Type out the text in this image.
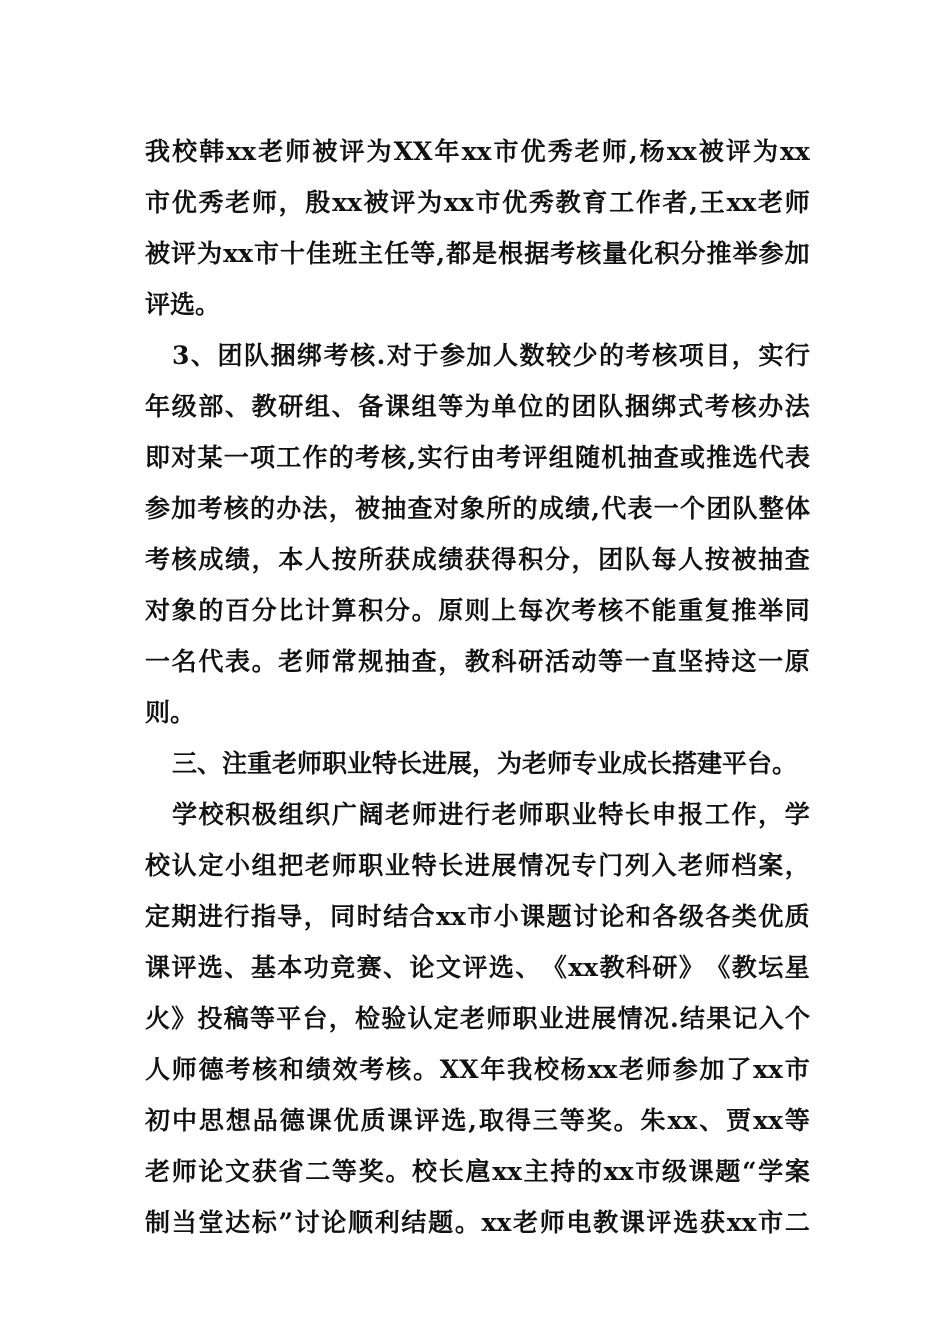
我 校 韩 xx 老 师 被 评 为 XX 年 xx 市 优 秀 老 师 , 杨 xx 被 评 为 xx
市 优 秀 老 师 ， 殷 xx 被 评 为 xx 市 优 秀 教 育 工 作 者 , 王 xx 老 师
被 评 为 xx 市 十 佳 班 主 任 等 , 都 是 根 据 考 核 量 化 积 分 推 举 参 加
评选。
3 、 团 队 捆 绑 考 核 . 对 于 参 加 人 数 较 少 的 考 核 项 目 ， 实 行
年 级 部 、 教 研 组 、 备 课 组 等 为 单 位 的 团 队 捆 绑 式 考 核 办 法
即 对 某 一 项 工 作 的 考 核 , 实 行 由 考 评 组 随 机 抽 查 或 推 选 代 表
参 加 考 核 的 办 法 ， 被 抽 查 对 象 所 的 成 绩 , 代 表 一 个 团 队 整 体
考 核 成 绩 ， 本 人 按 所 获 成 绩 获 得 积 分 ， 团 队 每 人 按 被 抽 查
对 象 的 百 分 比 计 算 积 分 。 原 则 上 每 次 考 核 不 能 重 复 推 举 同
一 名 代 表 。 老 师 常 规 抽 查 ， 教 科 研 活 动 等 一 直 坚 持 这 一 原
则。
三、注重老师职业特长进展，为老师专业成长搭建平台。
学 校 积 极 组 织 广 阔 老 师 进 行 老 师 职 业 特 长 申 报 工 作 ， 学
校 认 定 小 组 把 老 师 职 业 特 长 进 展 情 况 专 门 列 入 老 师 档 案 ，
定 期 进 行 指 导 ， 同 时 结 合 xx 市 小 课 题 讨 论 和 各 级 各 类 优 质
课 评 选 、 基 本 功 竞 赛 、 论 文 评 选 、 《 xx 教 科 研 》 《 教 坛 星
火 》 投 稿 等 平 台 ， 检 验 认 定 老 师 职 业 进 展 情 况 . 结 果 记 入 个
人 师 德 考 核 和 绩 效 考 核 。 XX 年 我 校 杨 xx 老 师 参 加 了 xx 市
初 中 思 想 品 德 课 优 质 课 评 选 , 取 得 三 等 奖 。 朱 xx 、 贾 xx 等
老 师 论 文 获 省 二 等 奖 。 校 长 扈 xx 主 持 的 xx 市 级 课 题 “ 学 案
制 当 堂 达 标 ” 讨 论 顺 利 结 题 。 xx 老 师 电 教 课 评 选 获 xx 市 二
